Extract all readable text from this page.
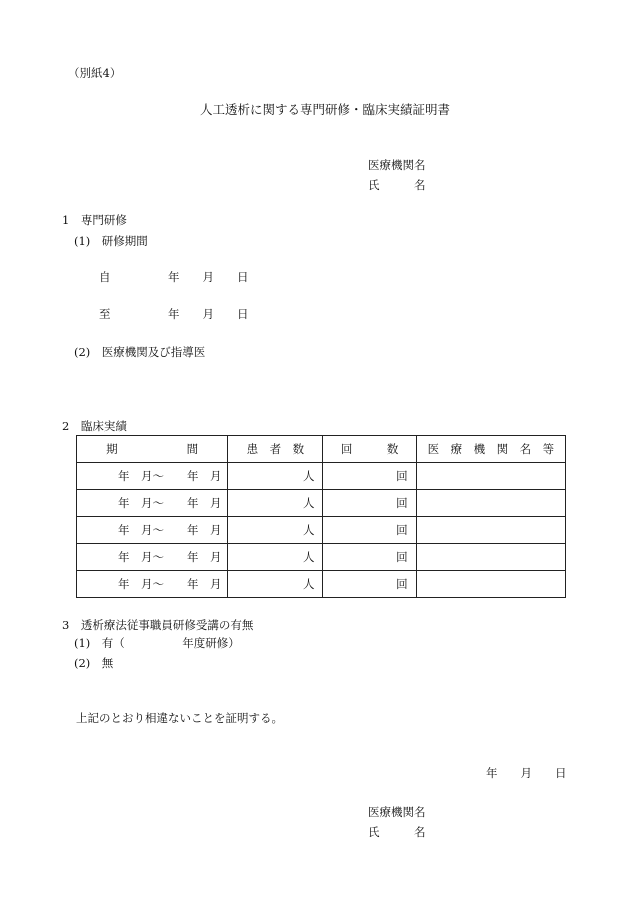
（別紙4）
人工透析に関する専門研修・臨床実績証明書
医療機関名
氏　　　名
1　専門研修
(1)　研修期間
自　　　　　年　　月　　日
至　　　　　年　　月　　日
(2)　医療機関及び指導医
2　臨床実績
期　　　　　　間	患　者　数	回　　　数	医　療　機　関　名　等
年　月～　　年　月	人	回	
年　月～　　年　月	人	回	
年　月～　　年　月	人	回	
年　月～　　年　月	人	回	
年　月～　　年　月	人	回	
3　透析療法従事職員研修受講の有無
(1)　有（　　　　　年度研修）
(2)　無
上記のとおり相違ないことを証明する。
年　　月　　日
医療機関名
氏　　　名
